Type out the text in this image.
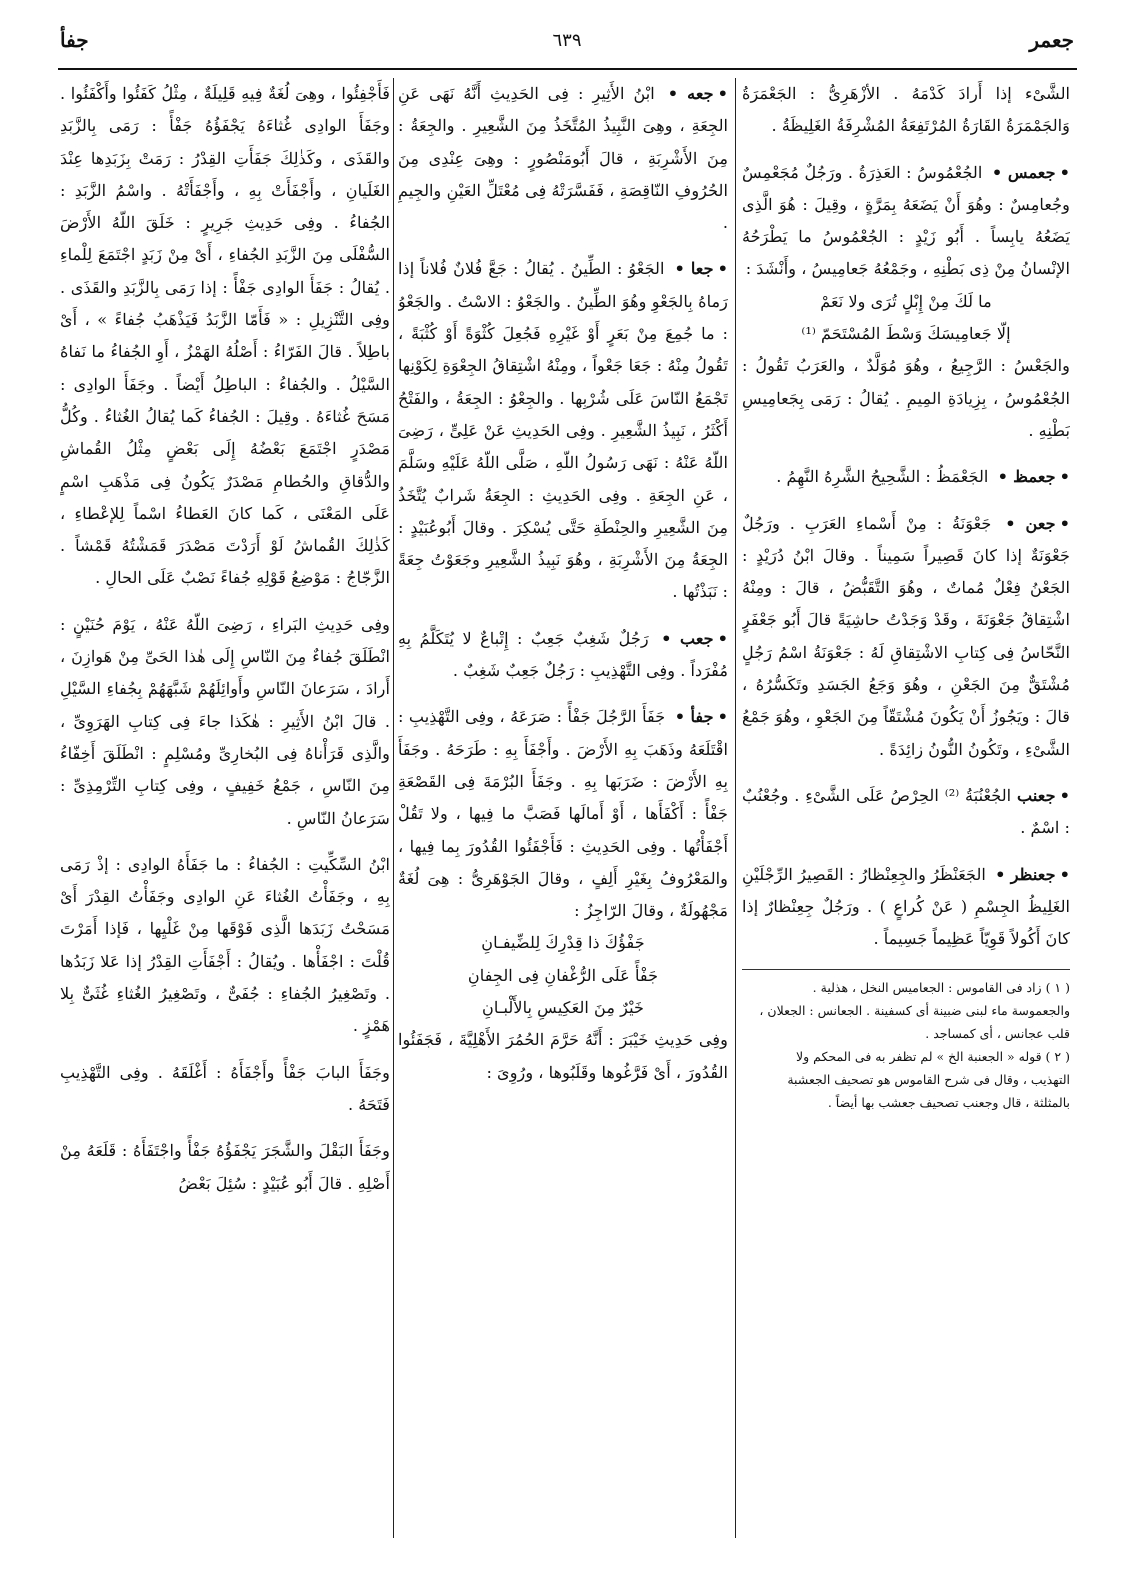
جعمر
٦٣٩
جفأ

الشَّىْء إذا أَرادَ كَدْمَهُ . الأزْهَرِىُّ : الجَعْمَرَةُ وَالجَمْمَرَةُ القَارَةُ المُرْتَفِعَةُ المُشْرِفَةُ الغَلِيظَةُ .

•جعمس • الجُعْمُوسُ : العَذِرَةُ . ورَجُلٌ مُجَعْمِسٌ وجُعامِسٌ : وهُوَ أَنْ يَضَعَهُ بِمَرَّةٍ ، وقِيلَ : هُوَ الَّذِى يَضَعُهُ يابِساً . أَبُو زَيْدٍ : الجُعْمُوسُ ما يَطْرَحُهُ الإنْسانُ مِنْ ذِى بَطْنِهِ ، وجَمْعُهُ جَعامِيسُ ، وأَنْشَدَ :

ما لَكَ مِنْ إِبْلٍ تُرَى ولا نَعَمْ

إلّا جَعامِيسَكَ وَسْطَ المُسْتَحَمّ ⁽¹⁾

والجَعْسُ : الرَّجِيعُ ، وهُوَ مُوَلَّدٌ ، والعَرَبُ تَقُولُ : الجُعْمُوسُ ، بِزِيادَةِ المِيمِ . يُقالُ : رَمَى بِجَعامِيسِ بَطْنِهِ .

•جعمظ • الجَعْمَظُ : الشَّحِيحُ الشَّرِهُ النَّهِمُ .

•جعن • جَعْوَنَةُ : مِنْ أَسْماءِ العَرَبِ . ورَجُلٌ جَعْوَنَةٌ إذا كانَ قَصِيراً سَمِيناً . وقالَ ابْنُ دُرَيْدٍ : الجَعْنُ فِعْلٌ مُماتٌ ، وهُوَ التَّقَبُّضُ ، قالَ : ومِنْهُ اشْتِقاقُ جَعْوَنَةَ ، وقَدْ وَجَدْتُ حاشِيَةً قالَ أَبُو جَعْفَرٍ النَّحّاسُ فِى كِتابِ الاشْتِقاقِ لَهُ : جَعْوَنَةُ اسْمُ رَجُلٍ مُشْتَقٌّ مِنَ الجَعْنِ ، وهُوَ وَجَعُ الجَسَدِ وتَكَسُّرُهُ ، قالَ : ويَجُوزُ أَنْ يَكُونَ مُشْتَقّاً مِنَ الجَعْوِ ، وهُوَ جَمْعُ الشَّىْءِ ، وتَكُونُ النُّونُ زائِدَةً .

•جعنب الجُعْنُبَةُ ⁽²⁾ الحِرْصُ عَلَى الشَّىْءِ . وجُعْنُبٌ : اسْمٌ .

•جعنظر • الجَعَنْظَرُ والجِعِنْظارُ : القَصِيرُ الرِّجْلَيْنِ الغَلِيظُ الجِسْمِ ( عَنْ كُراعٍ ) . ورَجُلٌ جِعِنْظارٌ إذا كانَ أَكُولاً قَوِيّاً عَظِيماً جَسِيماً .

( ١ ) زاد فى القاموس : الجعاميس النخل ، هذلية .

والجعموسة ماء لبنى ضبينة أى كسفينة . الجعانس : الجعلان ،

قلب عجانس ، أى كمساجد .

( ٢ ) قوله « الجعنبة الخ » لم تظفر به فى المحكم ولا

التهذيب ، وقال فى شرح القاموس هو تصحيف الجعشبة

بالمثلثة ، قال وجعنب تصحيف جعشب بها أيضاً .

•جعه • ابْنُ الأَثِيرِ : فِى الحَدِيثِ أَنَّهُ نَهَى عَنِ الجِعَةِ ، وهِىَ النَّبِيذُ المُتَّخَذُ مِنَ الشَّعِيرِ . والجِعَةُ : مِنَ الأَشْرِبَةِ ، قالَ أَبُومَنْصُورٍ : وهِىَ عِنْدِى مِنَ الحُرُوفِ النّاقِصَةِ ، فَفَسَّرَتْهُ فِى مُعْتَلِّ العَيْنِ والجِيمِ .

•جعا • الجَعْوُ : الطِّينُ . يُقالُ : جَعَّ فُلانٌ فُلاناً إذا رَماهُ بِالجَعْوِ وهُوَ الطِّينُ . والجَعْوُ : الاسْتُ . والجَعْوُ : ما جُمِعَ مِنْ بَعَرٍ أَوْ غَيْرِهِ فَجُعِلَ كُثْوَةً أَوْ كُثْبَةً ، تَقُولُ مِنْهُ : جَعَا جَعْواً ، ومِنْهُ اشْتِقاقُ الجِعْوَةِ لِكَوْنِها تَجْمَعُ النّاسَ عَلَى شُرْبِها . والجِعْوُ : الجِعَةُ ، والفَتْحُ أَكْثَرُ ، نَبِيذُ الشَّعِيرِ . وفِى الحَدِيثِ عَنْ عَلِىٍّ ، رَضِىَ اللّهُ عَنْهُ : نَهَى رَسُولُ اللّهِ ، صَلَّى اللّهُ عَلَيْهِ وسَلَّمَ ، عَنِ الجِعَةِ . وفِى الحَدِيثِ : الجِعَةُ شَرابٌ يُتَّخَذُ مِنَ الشَّعِيرِ والحِنْطَةِ حَتَّى يُسْكِرَ . وقالَ أَبُوعُبَيْدٍ : الجِعَةُ مِنَ الأَشْرِبَةِ ، وهُوَ نَبِيذُ الشَّعِيرِ وجَعَوْتُ جِعَةً : نَبَذْتُها .

•جعب • رَجُلٌ شَغِبٌ جَعِبٌ : إِتْباعٌ لا يُتَكَلَّمُ بِهِ مُفْرَداً . وفِى التَّهْذِيبِ : رَجُلٌ جَعِبٌ شَغِبٌ .

•جفأ • جَفَأَ الرَّجُلَ جَفْأً : صَرَعَهُ ، وفِى التَّهْذِيبِ : اقْتَلَعَهُ وذَهَبَ بِهِ الأَرْضَ . وأَجْفَأَ بِهِ : طَرَحَهُ . وجَفَأَ بِهِ الأَرْضَ : ضَرَبَها بِهِ . وجَفَأَ البُرْمَةَ فِى القَصْعَةِ جَفْأً : أَكْفَأَها ، أَوْ أَمالَها فَصَبَّ ما فِيها ، ولا تَقُلْ أَجْفَأْتُها . وفِى الحَدِيثِ : فَأَجْفَئُوا القُدُورَ بِما فِيها ، والمَعْرُوفُ بِغَيْرِ أَلِفٍ ، وقالَ الجَوْهَرِىُّ : هِىَ لُغَةٌ مَجْهُولَةٌ ، وقالَ الرّاجِزُ :

جَفْؤُكَ ذا قِدْرِكَ لِلضِّيفـانِ

جَفْأً عَلَى الرُّغْفانِ فِى الجِفانِ

خَيْرٌ مِنَ العَكِيسِ بِالأَلْبـانِ

وفِى حَدِيثِ خَيْبَرَ : أَنَّهُ حَرَّمَ الحُمُرَ الأَهْلِيَّةَ ، فَجَفَئُوا القُدُورَ ، أَىْ فَرَّغُوها وقَلَبُوها ، ورُوِىَ :

فَأَجْفِئُوا ، وهِىَ لُغَةٌ فِيهِ قَلِيلَةٌ ، مِثْلُ كَفَئُوا وأَكْفَئُوا . وجَفَأَ الوادِى غُثاءَهُ يَجْفَؤُهُ جَفْأً : رَمَى بِالزَّبَدِ والقَذَى ، وكَذٰلِكَ جَفَأَتِ القِدْرُ : رَمَتْ بِزَبَدِها عِنْدَ الغَلَيانِ ، وأَجْفَأَتْ بِهِ ، وأَجْفَأَتْهُ . واسْمُ الزَّبَدِ : الجُفاءُ . وفِى حَدِيثِ جَرِيرٍ : خَلَقَ اللّهُ الأَرْضَ السُّفْلَى مِنَ الزَّبَدِ الجُفاءِ ، أَىْ مِنْ زَبَدٍ اجْتَمَعَ لِلْماءِ . يُقالُ : جَفَأَ الوادِى جَفْأً : إذا رَمَى بِالزَّبَدِ والقَذَى . وفِى التَّنْزِيلِ : « فَأَمّا الزَّبَدُ فَيَذْهَبُ جُفاءً » ، أَىْ باطِلاً . قالَ الفَرّاءُ : أَصْلُهُ الهَمْزُ ، أَوِ الجُفاءُ ما نَفاهُ السَّيْلُ . والجُفاءُ : الباطِلُ أَيْضاً . وجَفَأَ الوادِى : مَسَحَ غُثاءَهُ . وقِيلَ : الجُفاءُ كَما يُقالُ الغُثاءُ . وكُلُّ مَصْدَرٍ اجْتَمَعَ بَعْضُهُ إِلَى بَعْضٍ مِثْلُ القُماشِ والدُّقاقِ والحُطامِ مَصْدَرٌ يَكُونُ فِى مَذْهَبِ اسْمٍ عَلَى المَعْنَى ، كَما كانَ العَطاءُ اسْماً لِلإعْطاءِ ، كَذٰلِكَ القُماشُ لَوْ أَرَدْتَ مَصْدَرَ قَمَشْتُهُ قَمْشاً . الزَّجّاجُ : مَوْضِعُ قَوْلِهِ جُفاءً نَصْبٌ عَلَى الحالِ .

وفِى حَدِيثِ البَراءِ ، رَضِىَ اللّهُ عَنْهُ ، يَوْمَ حُنَيْنٍ : انْطَلَقَ جُفاءٌ مِنَ النّاسِ إِلَى هٰذا الحَىِّ مِنْ هَوازِنَ ، أَرادَ ، سَرَعانَ النّاسِ وأَوائِلَهُمْ شَبَّهَهُمْ بِجُفاءِ السَّيْلِ . قالَ ابْنُ الأَثِيرِ : هٰكَذا جاءَ فِى كِتابِ الهَرَوِىِّ ، والَّذِى قَرَأْناهُ فِى البُخارِىِّ ومُسْلِمٍ : انْطَلَقَ أَخِفّاءُ مِنَ النّاسِ ، جَمْعُ خَفِيفٍ ، وفِى كِتابِ التِّرْمِذِىِّ : سَرَعانُ النّاسِ .

ابْنُ السِّكِّيتِ : الجُفاءُ : ما جَفَأَهُ الوادِى : إذْ رَمَى بِهِ ، وجَفَأْتُ الغُثاءَ عَنِ الوادِى وجَفَأْتُ القِدْرَ أَىْ مَسَحْتُ زَبَدَها الَّذِى فَوْقَها مِنْ غَلْيِها ، فَإذا أَمَرْتَ قُلْتَ : اجْفَأْها . ويُقالُ : أَجْفَأَتِ القِدْرُ إذا عَلا زَبَدُها . وتَصْغِيرُ الجُفاءِ : جُفَىٌّ ، وتَصْغِيرُ الغُثاءِ غُثَىٌّ بِلا هَمْزٍ .

وجَفَأَ البابَ جَفْأً وأَجْفَأَهُ : أَغْلَقَهُ . وفِى التَّهْذِيبِ فَتَحَهُ .

وجَفَأَ البَقْلَ والشَّجَرَ يَجْفَؤُهُ جَفْأً واجْتَفَأَهُ : قَلَعَهُ مِنْ أَصْلِهِ . قالَ أَبُو عُبَيْدٍ : سُئِلَ بَعْضُ
